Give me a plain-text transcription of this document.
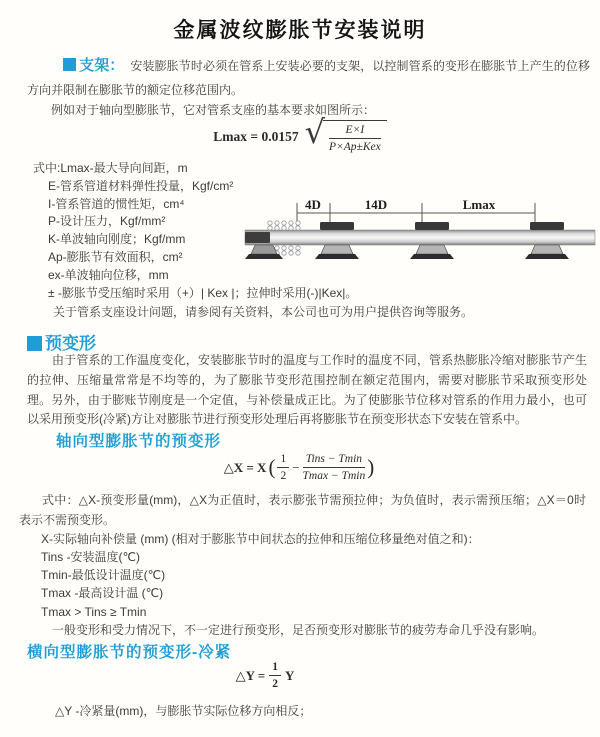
金属波纹膨胀节安装说明
支架： 安装膨胀节时必须在管系上安装必要的支架，以控制管系的变形在膨胀节上产生的位移方向并限制在膨胀节的额定位移范围内。
例如对于轴向型膨胀节，它对管系支座的基本要求如图所示：
Lmax = 0.0157 √ $\frac{E\times I}{\text{P×Ap±Kex}}$
式中:Lmax-最大导向间距，m
E-管系管道材料弹性投量，Kgf/cm²
I-管系管道的惯性矩，cm⁴
P-设计压力，Kgf/mm²
K-单波轴向刚度；Kgf/mm
Ap-膨胀节有效面积，cm²
ex-单波轴向位移，mm
± -膨胀节受压缩时采用（+）| Kex |；拉伸时采用(-)|Kex|。
关于管系支座设计问题，请参阅有关资料，本公司也可为用户提供咨询等服务。
4D	14D	Lmax
预变形
由于管系的工作温度变化，安装膨胀节时的温度与工作时的温度不同，管系热膨胀冷缩对膨胀节产生的拉伸、压缩量常常是不均等的，为了膨胀节变形范围控制在额定范围内，需要对膨胀节采取预变形处理。另外，由于膨账节刚度是一个定值，与补偿量成正比。为了使膨胀节位移对管系的作用力最小，也可以采用预变形(冷紧)方让对膨胀节进行预变形处理后再将膨胀节在预变形状态下安装在管系中。
轴向型膨胀节的预变形
△X = X ( $\frac{1}{2} - \frac{\text{Tins − Tmin}}{Tmax - Tmin}$ )
式中：△X-预变形量(mm)，△X为正值时，表示膨张节需预拉伸；为负值时，表示需预压缩；△X＝0时表示不需预变形。
X-实际轴向补偿量 (mm) (相对于膨胀节中间状态的拉伸和压缩位移量绝对值之和)：
Tins -安装温度(℃)
Tmin-最低设计温度(℃)
Tmax -最高设计温 (℃)
Tmax > Tins ≥ Tmin
一般变形和受力情况下，不一定进行预变形，足否预变形对膨胀节的疲劳寿命几乎没有影响。
横向型膨胀节的预变形-冷紧
△Y = $\frac{1}{2}$ Y
△Y -冷紧量(mm)，与膨胀节实际位移方向相反；
